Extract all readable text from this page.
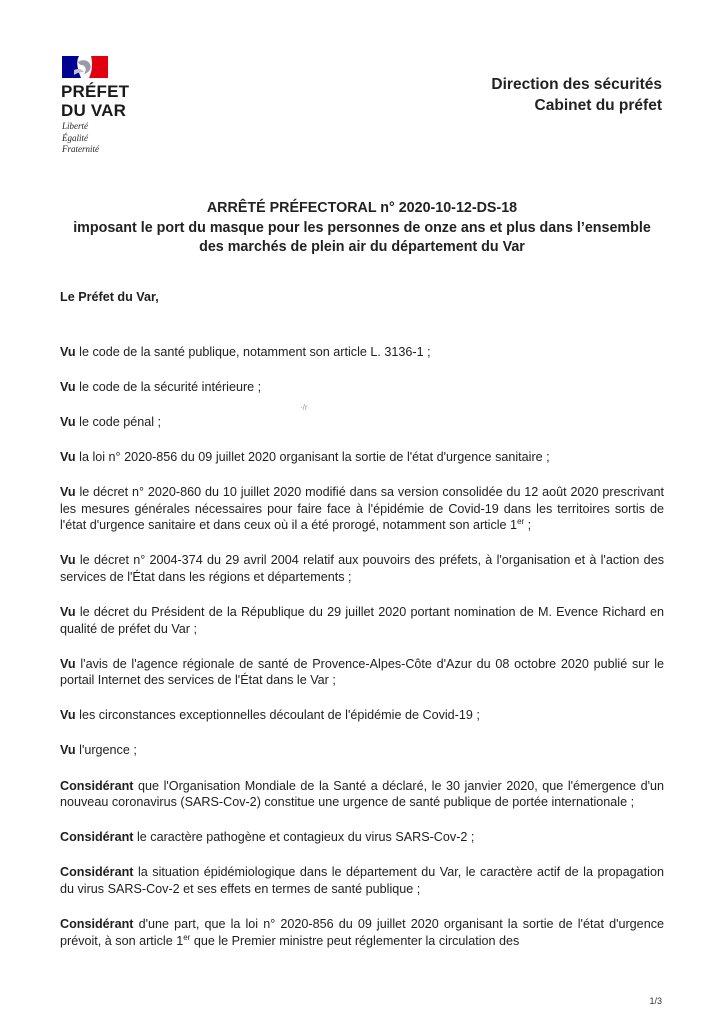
PRÉFET
DU VAR
Liberté
Égalité
Fraternité
Direction des sécurités
Cabinet du préfet
ARRÊTÉ PRÉFECTORAL n° 2020-10-12-DS-18
imposant le port du masque pour les personnes de onze ans et plus dans l’ensemble
des marchés de plein air du département du Var
·/r

Le Préfet du Var,

Vu le code de la santé publique, notamment son article L. 3136-1 ;

Vu le code de la sécurité intérieure ;

Vu le code pénal ;

Vu la loi n° 2020-856 du 09 juillet 2020 organisant la sortie de l'état d'urgence sanitaire ;

Vu le décret n° 2020-860 du 10 juillet 2020 modifié dans sa version consolidée du 12 août 2020 prescrivant les mesures générales nécessaires pour faire face à l'épidémie de Covid-19 dans les territoires sortis de l'état d'urgence sanitaire et dans ceux où il a été prorogé, notamment son article 1er ;

Vu le décret n° 2004-374 du 29 avril 2004 relatif aux pouvoirs des préfets, à l'organisation et à l'action des services de l'État dans les régions et départements ;

Vu le décret du Président de la République du 29 juillet 2020 portant nomination de M. Evence Richard en qualité de préfet du Var ;

Vu l'avis de l'agence régionale de santé de Provence-Alpes-Côte d'Azur du 08 octobre 2020 publié sur le portail Internet des services de l'État dans le Var ;

Vu les circonstances exceptionnelles découlant de l'épidémie de Covid-19 ;

Vu l'urgence ;

Considérant que l'Organisation Mondiale de la Santé a déclaré, le 30 janvier 2020, que l'émergence d'un nouveau coronavirus (SARS-Cov-2) constitue une urgence de santé publique de portée internationale ;

Considérant le caractère pathogène et contagieux du virus SARS-Cov-2 ;

Considérant la situation épidémiologique dans le département du Var, le caractère actif de la propagation du virus SARS-Cov-2 et ses effets en termes de santé publique ;

Considérant d'une part, que la loi n° 2020-856 du 09 juillet 2020 organisant la sortie de l'état d'urgence prévoit, à son article 1er que le Premier ministre peut réglementer la circulation des

1/3
